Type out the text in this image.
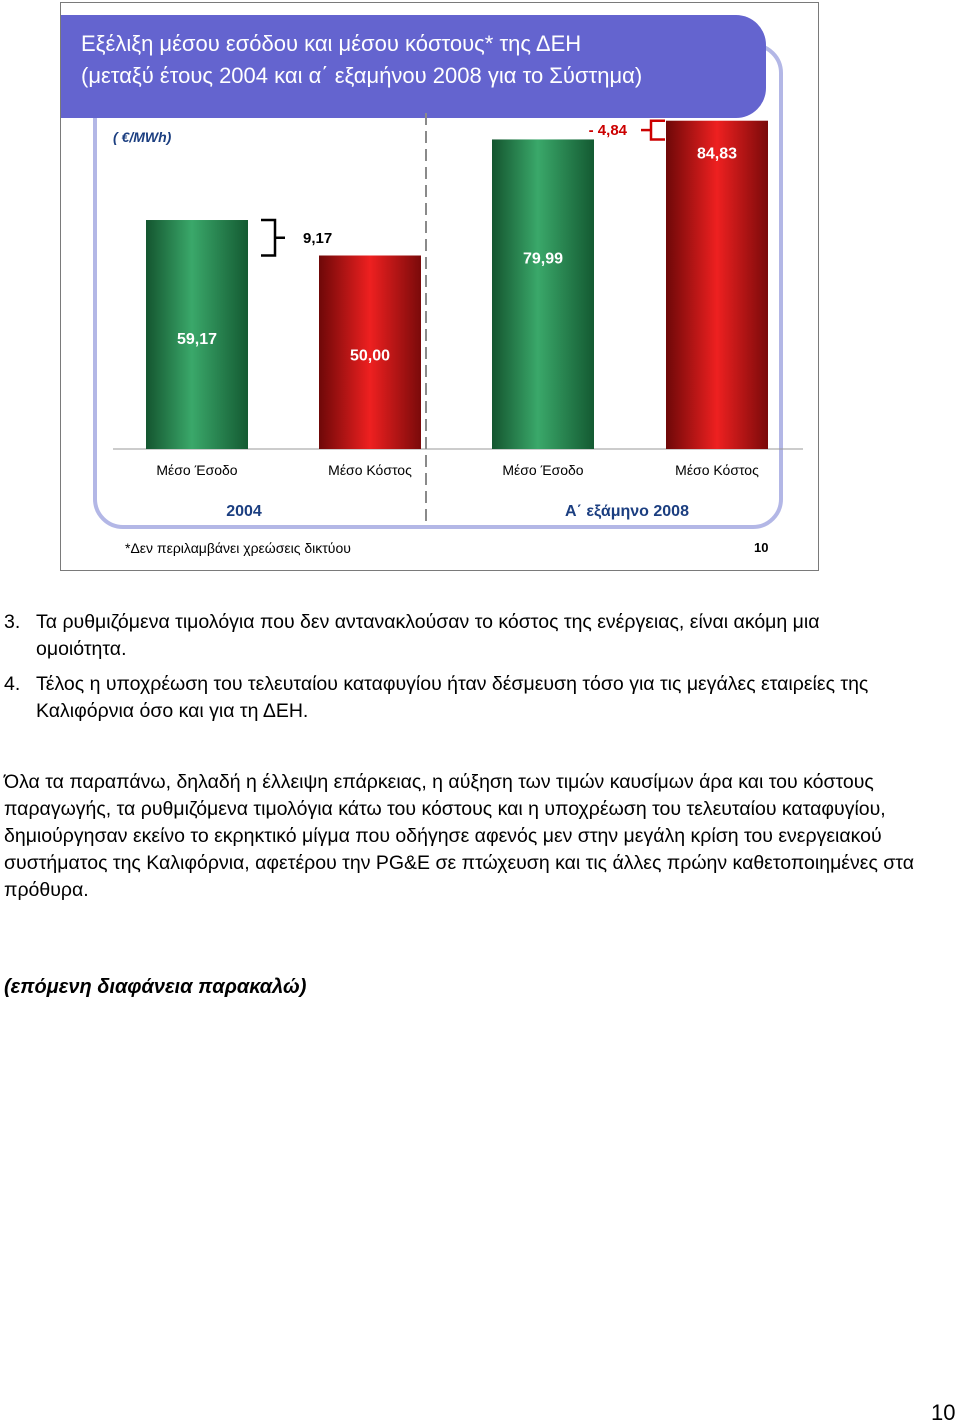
Εξέλιξη μέσου εσόδου και μέσου κόστους* της ΔΕΗ
(μεταξύ έτους 2004 και α΄ εξαμήνου 2008 για το Σύστημα)
( €/MWh)
59,17
Μέσο Έσοδο
50,00
Μέσο Κόστος
79,99
Μέσο Έσοδο
84,83
Μέσο Κόστος
2004	Α΄ εξάμηνο 2008
9,17
- 4,84
*Δεν περιλαμβάνει χρεώσεις δικτύου	10
3. Τα ρυθμιζόμενα τιμολόγια που δεν αντανακλούσαν το κόστος της ενέργειας, είναι ακόμη μια ομοιότητα.
4. Τέλος η υποχρέωση του τελευταίου καταφυγίου ήταν δέσμευση τόσο για τις μεγάλες εταιρείες της Καλιφόρνια όσο και για τη ΔΕΗ.
Όλα τα παραπάνω, δηλαδή η έλλειψη επάρκειας, η αύξηση των τιμών καυσίμων άρα και του κόστους παραγωγής, τα ρυθμιζόμενα τιμολόγια κάτω του κόστους και η υποχρέωση του τελευταίου καταφυγίου, δημιούργησαν εκείνο το εκρηκτικό μίγμα που οδήγησε αφενός μεν στην μεγάλη κρίση του ενεργειακού συστήματος της Καλιφόρνια, αφετέρου την PG&E σε πτώχευση και τις άλλες πρώην καθετοποιημένες στα πρόθυρα.
(επόμενη διαφάνεια παρακαλώ)
10
